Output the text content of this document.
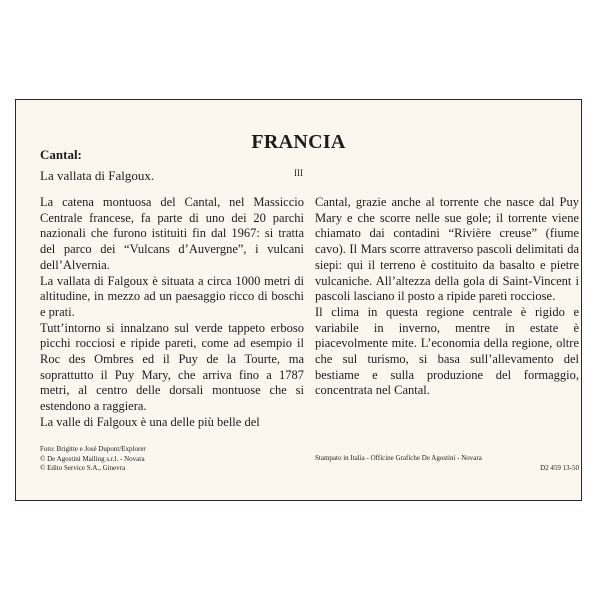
FRANCIA
III
Cantal:
La vallata di Falgoux.

La catena montuosa del Cantal, nel Massiccio Centrale francese, fa parte di uno dei 20 parchi nazionali che furono istituiti fin dal 1967: si tratta del parco dei “Vulcans d’Auvergne”, i vulcani dell’Alvernia.

La vallata di Falgoux è situata a circa 1000 metri di altitudine, in mezzo ad un paesaggio ricco di boschi e prati.

Tutt’intorno si innalzano sul verde tappeto erboso picchi rocciosi e ripide pareti, come ad esempio il Roc des Ombres ed il Puy de la Tourte, ma soprattutto il Puy Mary, che arriva fino a 1787 metri, al centro delle dorsali montuose che si estendono a raggiera.

La valle di Falgoux è una delle più belle del

Cantal, grazie anche al torrente che nasce dal Puy Mary e che scorre nelle sue gole; il torrente viene chiamato dai contadini “Rivière creuse” (fiume cavo). Il Mars scorre attraverso pascoli delimitati da siepi: qui il terreno è costituito da basalto e pietre vulcaniche. All’altezza della gola di Saint-Vincent i pascoli lasciano il posto a ripide pareti rocciose.

Il clima in questa regione centrale è rigido e variabile in inverno, mentre in estate è piacevolmente mite. L’economia della regione, oltre che sul turismo, si basa sull’allevamento del bestiame e sulla produzione del formaggio, concentrata nel Cantal.

Foto: Brigitte e José Dupont/Explorer
© De Agostini Mailing s.r.l. - Novara
© Edito Service S.A., Ginevra
Stampato in Italia - Officine Grafiche De Agostini - Novara
D2 459 13-50
